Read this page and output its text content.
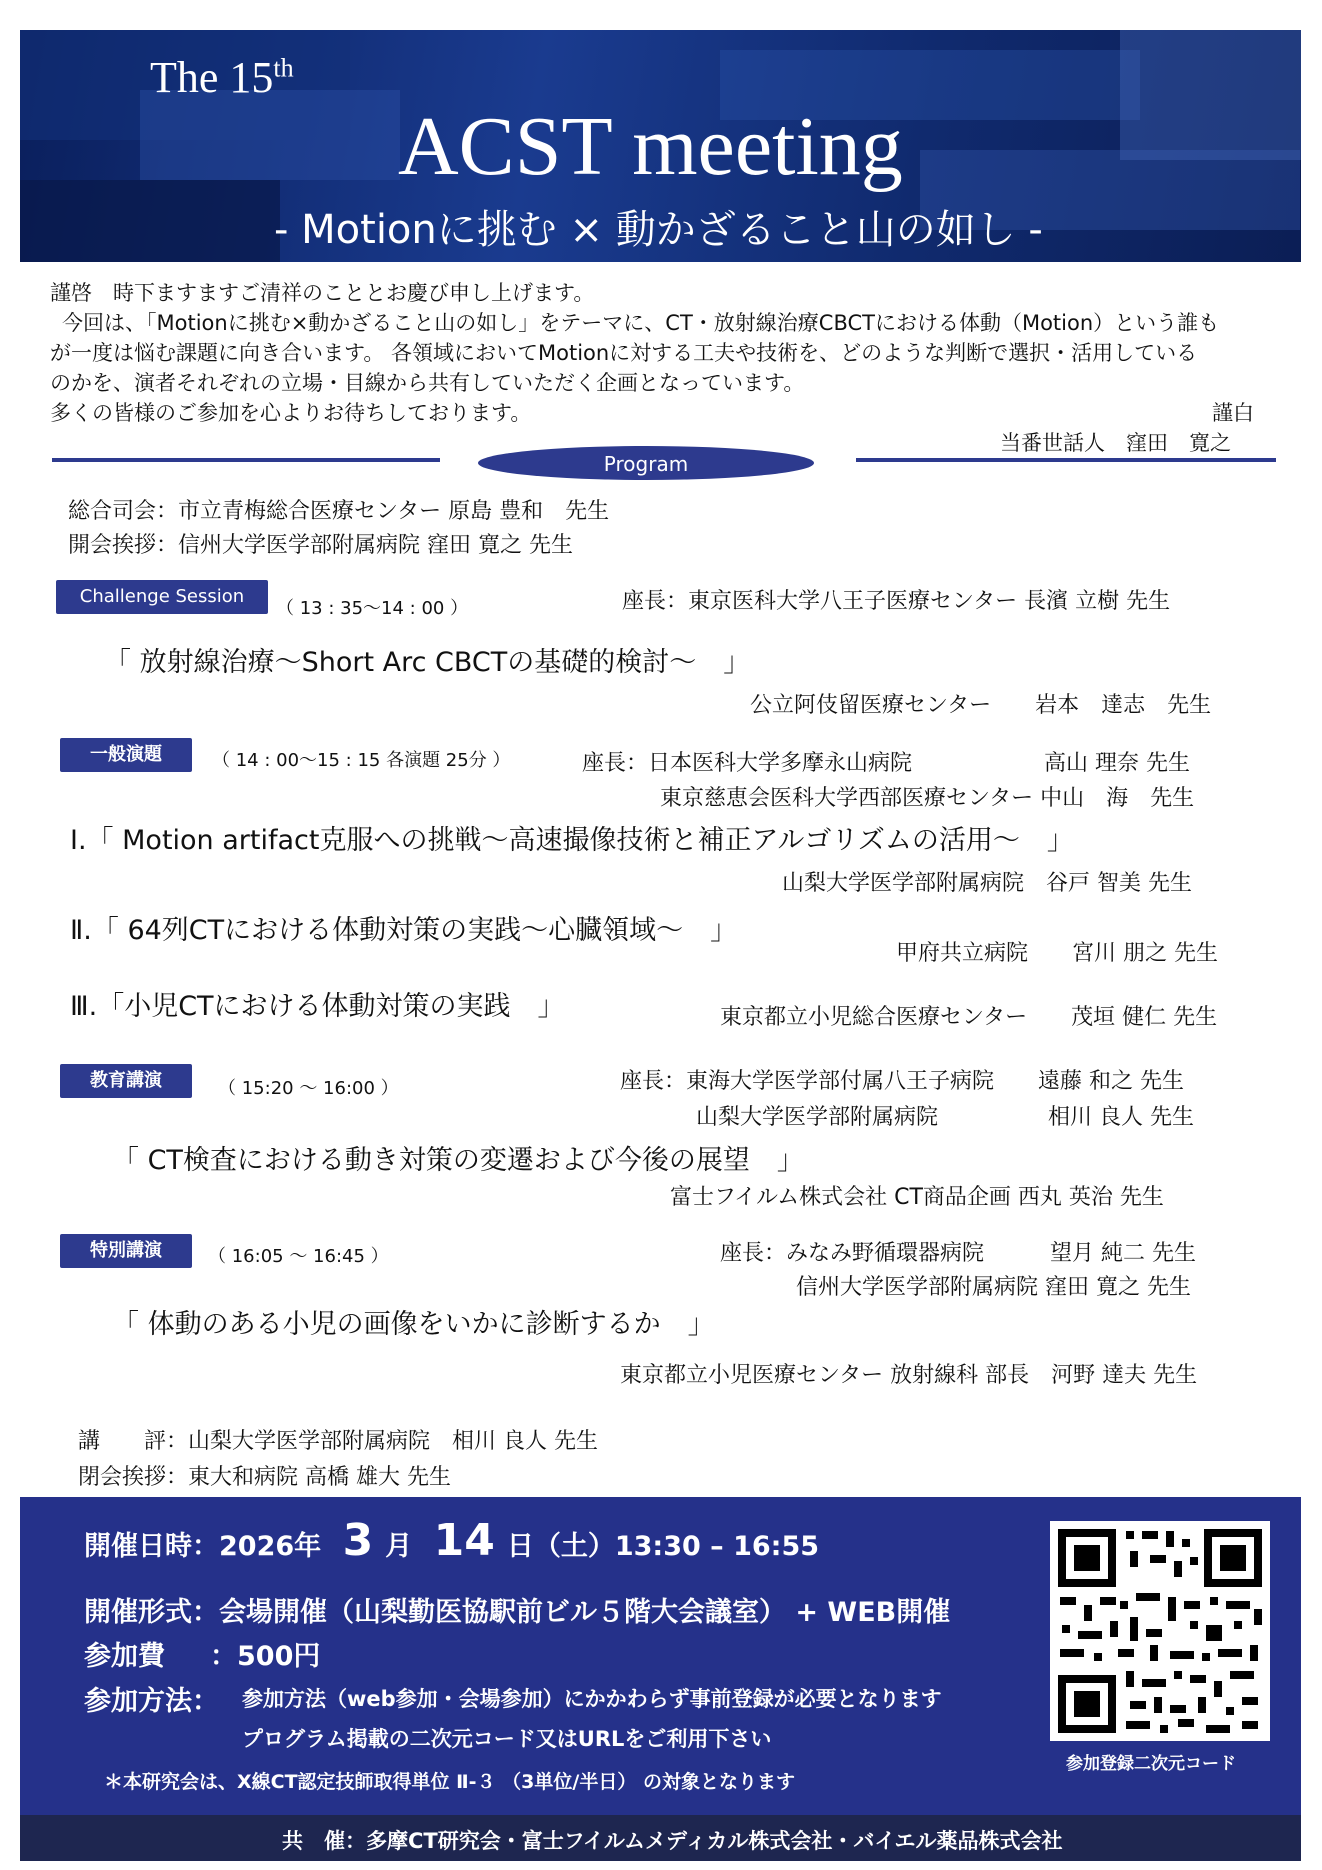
The 15th
ACST meeting
- Motionに挑む × 動かざること山の如し -
謹啓　時下ますますご清祥のこととお慶び申し上げます。
今回は、「Motionに挑む×動かざること山の如し」をテーマに、CT・放射線治療CBCTにおける体動（Motion）という誰も
が一度は悩む課題に向き合います。 各領域においてMotionに対する工夫や技術を、どのような判断で選択・活用している
のかを、演者それぞれの立場・目線から共有していただく企画となっています。
多くの皆様のご参加を心よりお待ちしております。	謹白
当番世話人　窪田　寛之
Program
総合司会：市立青梅総合医療センター 原島 豊和　先生
開会挨拶：信州大学医学部附属病院 窪田 寛之 先生
Challenge Session
（ 13 : 35～14 : 00 ）	座長：東京医科大学八王子医療センター 長濱 立樹 先生
「 放射線治療～Short Arc CBCTの基礎的検討～　」
公立阿伎留医療センター　　岩本　達志　先生
一般演題	（ 14 : 00～15 : 15 各演題 25分 ）	座長：日本医科大学多摩永山病院　　　　　　高山 理奈 先生
東京慈恵会医科大学西部医療センター 中山　海　先生
Ⅰ.「 Motion artifact克服への挑戦～高速撮像技術と補正アルゴリズムの活用～　」
山梨大学医学部附属病院　谷戸 智美 先生
Ⅱ.「 64列CTにおける体動対策の実践～心臓領域～　」
甲府共立病院　　宮川 朋之 先生
Ⅲ.「小児CTにおける体動対策の実践　」	東京都立小児総合医療センター　　茂垣 健仁 先生
教育講演	（ 15:20 ～ 16:00 ）	座長：東海大学医学部付属八王子病院　　遠藤 和之 先生
山梨大学医学部附属病院　　　　　相川 良人 先生
「 CT検査における動き対策の変遷および今後の展望　」
富士フイルム株式会社 CT商品企画 西丸 英治 先生
特別講演	（ 16:05 ～ 16:45 ）	座長：みなみ野循環器病院　　　望月 純二 先生
信州大学医学部附属病院 窪田 寛之 先生
「 体動のある小児の画像をいかに診断するか　」
東京都立小児医療センター 放射線科 部長　河野 達夫 先生
講　　評：山梨大学医学部附属病院　相川 良人 先生
閉会挨拶：東大和病院 高橋 雄大 先生
開催日時：2026年 3 月 14 日（土）13:30 – 16:55
開催形式：会場開催（山梨勤医協駅前ビル５階大会議室） + WEB開催
参加費 ：500円
参加方法： 参加方法（web参加・会場参加）にかかわらず事前登録が必要となります
プログラム掲載の二次元コード又はURLをご利用下さい
＊本研究会は、X線CT認定技師取得単位 Ⅱ-３ （3単位/半日） の対象となります
参加登録二次元コード
共　催：多摩CT研究会・富士フイルムメディカル株式会社・バイエル薬品株式会社
